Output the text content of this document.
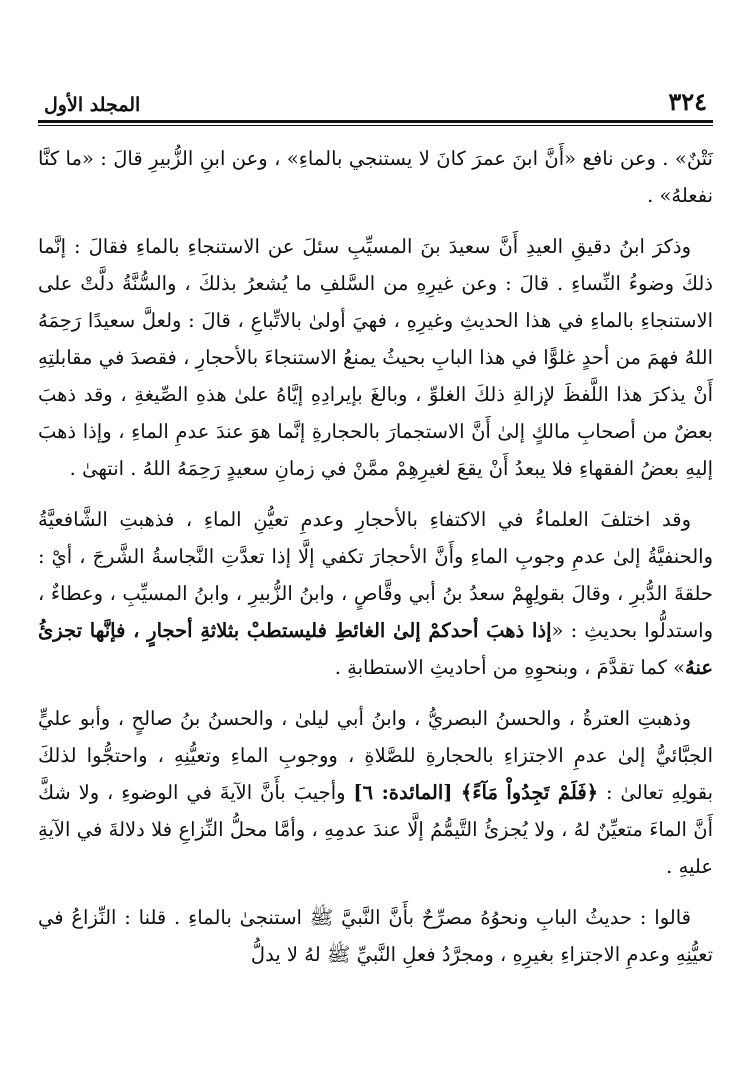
٣٢٤
المجلد الأول

نَتْنٌ» . وعن نافع «أَنَّ ابنَ عمرَ كانَ لا يستنجي بالماءِ» ، وعن ابنِ الزُّبيرِ قالَ : «ما كنَّا نفعلهُ» .

وذكرَ ابنُ دقيقِ العيدِ أَنَّ سعيدَ بنَ المسيِّبِ سئلَ عن الاستنجاءِ بالماءِ فقالَ : إنَّما ذلكَ وضوءُ النِّساءِ . قالَ : وعن غيرِهِ من السَّلفِ ما يُشعرُ بذلكَ ، والسُّنَّةُ دلَّتْ على الاستنجاءِ بالماءِ في هذا الحديثِ وغيرِهِ ، فهيَ أولىٰ بالاتِّباعِ ، قالَ : ولعلَّ سعيدًا رَحِمَهُ اللهُ فهمَ من أحدٍ غلوًّا في هذا البابِ بحيثُ يمنعُ الاستنجاءَ بالأحجارِ ، فقصدَ في مقابلتِهِ أَنْ يذكرَ هذا اللَّفظَ لإزالةِ ذلكَ الغلوِّ ، وبالغَ بإيرادِهِ إيَّاهُ علىٰ هذهِ الصِّيغةِ ، وقد ذهبَ بعضٌ من أصحابِ مالكٍ إلىٰ أَنَّ الاستجمارَ بالحجارةِ إنَّما هوَ عندَ عدمِ الماءِ ، وإذا ذهبَ إليهِ بعضُ الفقهاءِ فلا يبعدُ أَنْ يقعَ لغيرِهِمْ ممَّنْ في زمانِ سعيدٍ رَحِمَهُ اللهُ . انتهىٰ .

وقد اختلفَ العلماءُ في الاكتفاءِ بالأحجارِ وعدمِ تعيُّنِ الماءِ ، فذهبتِ الشَّافعيَّةُ والحنفيَّةُ إلىٰ عدمِ وجوبِ الماءِ وأَنَّ الأحجارَ تكفي إلَّا إذا تعدَّتِ النَّجاسةُ الشَّرجَ ، أيْ : حلقةَ الدُّبرِ ، وقالَ بقولِهِمْ سعدُ بنُ أبي وقَّاصٍ ، وابنُ الزُّبيرِ ، وابنُ المسيِّبِ ، وعطاءٌ ، واستدلُّوا بحديثِ : «إذا ذهبَ أحدكمْ إلىٰ الغائطِ فليستطبْ بثلاثةِ أحجارٍ ، فإنَّها تجزئُ عنهُ» كما تقدَّمَ ، وبنحوِهِ من أحاديثِ الاستطابةِ .

وذهبتِ العترةُ ، والحسنُ البصريُّ ، وابنُ أبي ليلىٰ ، والحسنُ بنُ صالحٍ ، وأبو عليٍّ الجبَّائيُّ إلىٰ عدمِ الاجتزاءِ بالحجارةِ للصَّلاةِ ، ووجوبِ الماءِ وتعيُّنِهِ ، واحتجُّوا لذلكَ بقولِهِ تعالىٰ : ﴿فَلَمْ تَجِدُواْ مَآءً﴾ [المائدة: ٦] وأجيبَ بأَنَّ الآيةَ في الوضوءِ ، ولا شكَّ أَنَّ الماءَ متعيِّنٌ لهُ ، ولا يُجزئُ التَّيمُّمُ إلَّا عندَ عدمِهِ ، وأمَّا محلُّ النِّزاعِ فلا دلالةَ في الآيةِ عليهِ .

قالوا : حديثُ البابِ ونحوُهُ مصرِّحٌ بأَنَّ النَّبيَّ ﷺ استنجىٰ بالماءِ . قلنا : النِّزاعُ في تعيُّنِهِ وعدمِ الاجتزاءِ بغيرِهِ ، ومجرَّدُ فعلِ النَّبيِّ ﷺ لهُ لا يدلُّ
